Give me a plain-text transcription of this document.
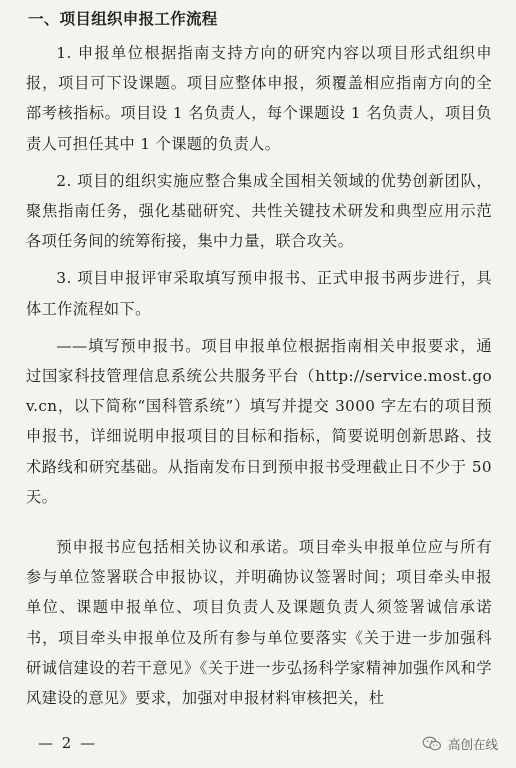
一、项目组织申报工作流程

1. 申报单位根据指南支持方向的研究内容以项目形式组织申报，项目可下设课题。项目应整体申报，须覆盖相应指南方向的全部考核指标。项目设 1 名负责人，每个课题设 1 名负责人，项目负责人可担任其中 1 个课题的负责人。

2. 项目的组织实施应整合集成全国相关领域的优势创新团队，聚焦指南任务，强化基础研究、共性关键技术研发和典型应用示范各项任务间的统筹衔接，集中力量，联合攻关。

3. 项目申报评审采取填写预申报书、正式申报书两步进行，具体工作流程如下。

——填写预申报书。项目申报单位根据指南相关申报要求，通过国家科技管理信息系统公共服务平台（http://service.most.gov.cn，以下简称“国科管系统”）填写并提交 3000 字左右的项目预申报书，详细说明申报项目的目标和指标，简要说明创新思路、技术路线和研究基础。从指南发布日到预申报书受理截止日不少于 50 天。

预申报书应包括相关协议和承诺。项目牵头申报单位应与所有参与单位签署联合申报协议，并明确协议签署时间；项目牵头申报单位、课题申报单位、项目负责人及课题负责人须签署诚信承诺书，项目牵头申报单位及所有参与单位要落实《关于进一步加强科研诚信建设的若干意见》《关于进一步弘扬科学家精神加强作风和学风建设的意见》要求，加强对申报材料审核把关，杜

— 2 —	高创在线
